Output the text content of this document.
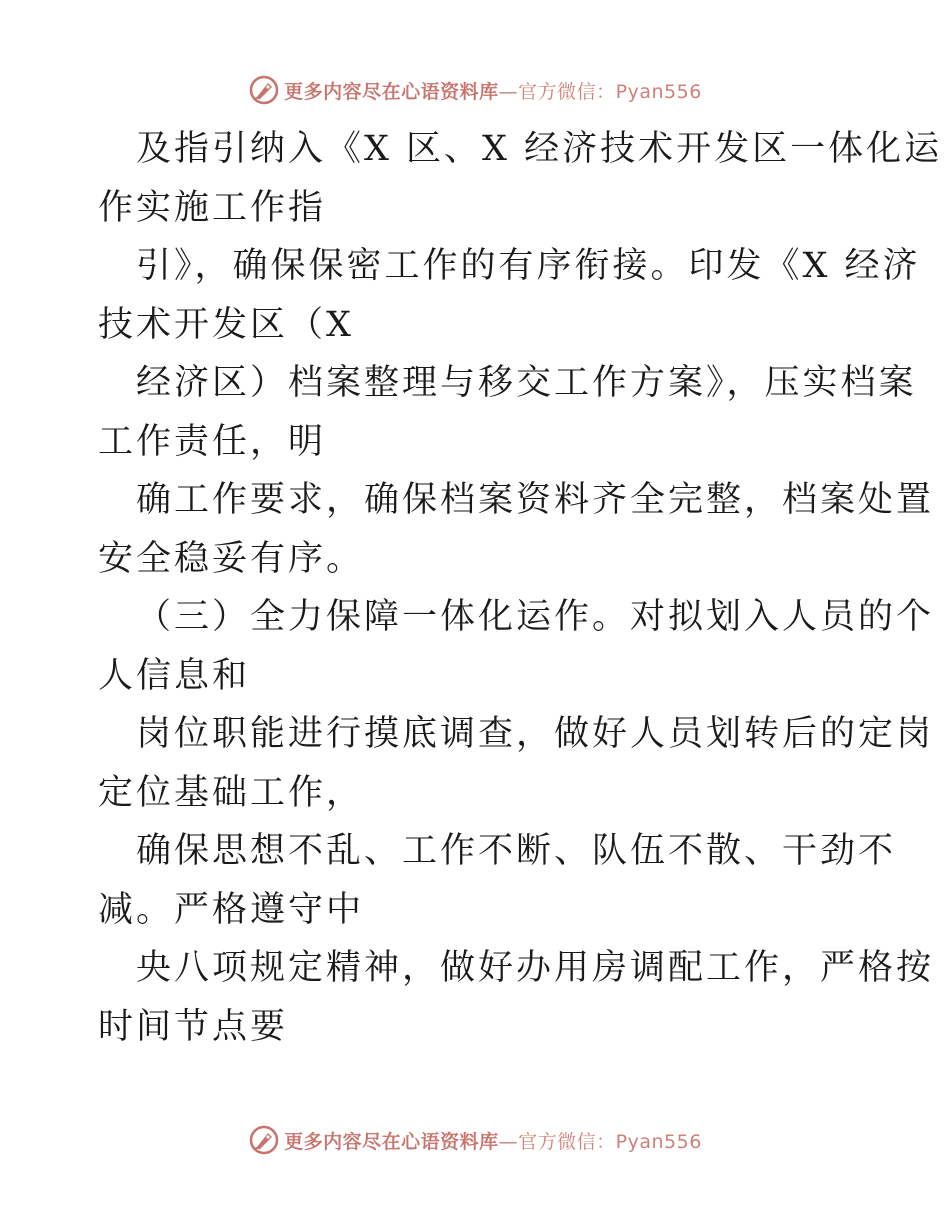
更多内容尽在心语资料库—官方微信：Pyan556
及指引纳入《X 区、X 经济技术开发区一体化运
作实施工作指
引》，确保保密工作的有序衔接。印发《X 经济
技术开发区（X
经济区）档案整理与移交工作方案》，压实档案
工作责任，明
确工作要求，确保档案资料齐全完整，档案处置
安全稳妥有序。
（三）全力保障一体化运作。对拟划入人员的个
人信息和
岗位职能进行摸底调查，做好人员划转后的定岗
定位基础工作，
确保思想不乱、工作不断、队伍不散、干劲不
减。严格遵守中
央八项规定精神，做好办用房调配工作，严格按
时间节点要
更多内容尽在心语资料库—官方微信：Pyan556
